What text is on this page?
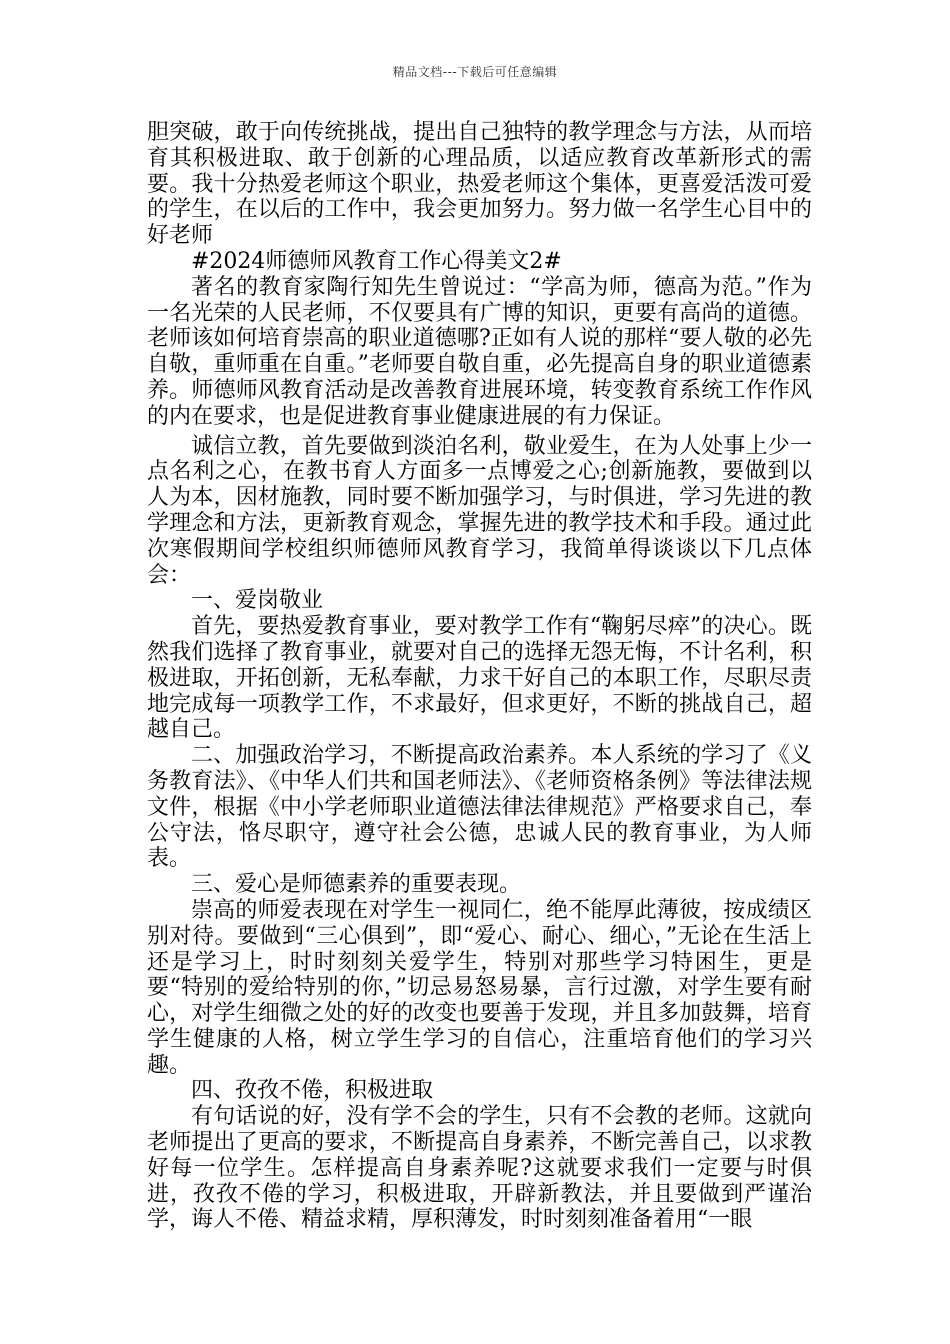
精品文档---下载后可任意编辑

胆突破，敢于向传统挑战，提出自己独特的教学理念与方法，从而培育其积极进取、敢于创新的心理品质，以适应教育改革新形式的需要。我十分热爱老师这个职业，热爱老师这个集体，更喜爱活泼可爱的学生，在以后的工作中，我会更加努力。努力做一名学生心目中的好老师

#2024师德师风教育工作心得美文2#

著名的教育家陶行知先生曾说过：“学高为师，德高为范。”作为一名光荣的人民老师，不仅要具有广博的知识，更要有高尚的道德。老师该如何培育崇高的职业道德哪?正如有人说的那样“要人敬的必先自敬，重师重在自重。”老师要自敬自重，必先提高自身的职业道德素养。师德师风教育活动是改善教育进展环境，转变教育系统工作作风的内在要求，也是促进教育事业健康进展的有力保证。

诚信立教，首先要做到淡泊名利，敬业爱生，在为人处事上少一点名利之心，在教书育人方面多一点博爱之心;创新施教，要做到以人为本，因材施教，同时要不断加强学习，与时俱进，学习先进的教学理念和方法，更新教育观念，掌握先进的教学技术和手段。通过此次寒假期间学校组织师德师风教育学习，我简单得谈谈以下几点体会：

一、爱岗敬业

首先，要热爱教育事业，要对教学工作有“鞠躬尽瘁”的决心。既然我们选择了教育事业，就要对自己的选择无怨无悔，不计名利，积极进取，开拓创新，无私奉献，力求干好自己的本职工作，尽职尽责地完成每一项教学工作，不求最好，但求更好，不断的挑战自己，超越自己。

二、加强政治学习，不断提高政治素养。本人系统的学习了《义务教育法》、《中华人们共和国老师法》、《老师资格条例》等法律法规文件，根据《中小学老师职业道德法律法律规范》严格要求自己，奉公守法，恪尽职守，遵守社会公德，忠诚人民的教育事业，为人师表。

三、爱心是师德素养的重要表现。

崇高的师爱表现在对学生一视同仁，绝不能厚此薄彼，按成绩区别对待。要做到“三心俱到”，即“爱心、耐心、细心，”无论在生活上还是学习上，时时刻刻关爱学生，特别对那些学习特困生，更是要“特别的爱给特别的你，”切忌易怒易暴，言行过激，对学生要有耐心，对学生细微之处的好的改变也要善于发现，并且多加鼓舞，培育学生健康的人格，树立学生学习的自信心，注重培育他们的学习兴趣。

四、孜孜不倦，积极进取

有句话说的好，没有学不会的学生，只有不会教的老师。这就向老师提出了更高的要求，不断提高自身素养，不断完善自己，以求教好每一位学生。怎样提高自身素养呢?这就要求我们一定要与时俱进，孜孜不倦的学习，积极进取，开辟新教法，并且要做到严谨治学，诲人不倦、精益求精，厚积薄发，时时刻刻准备着用“一眼
